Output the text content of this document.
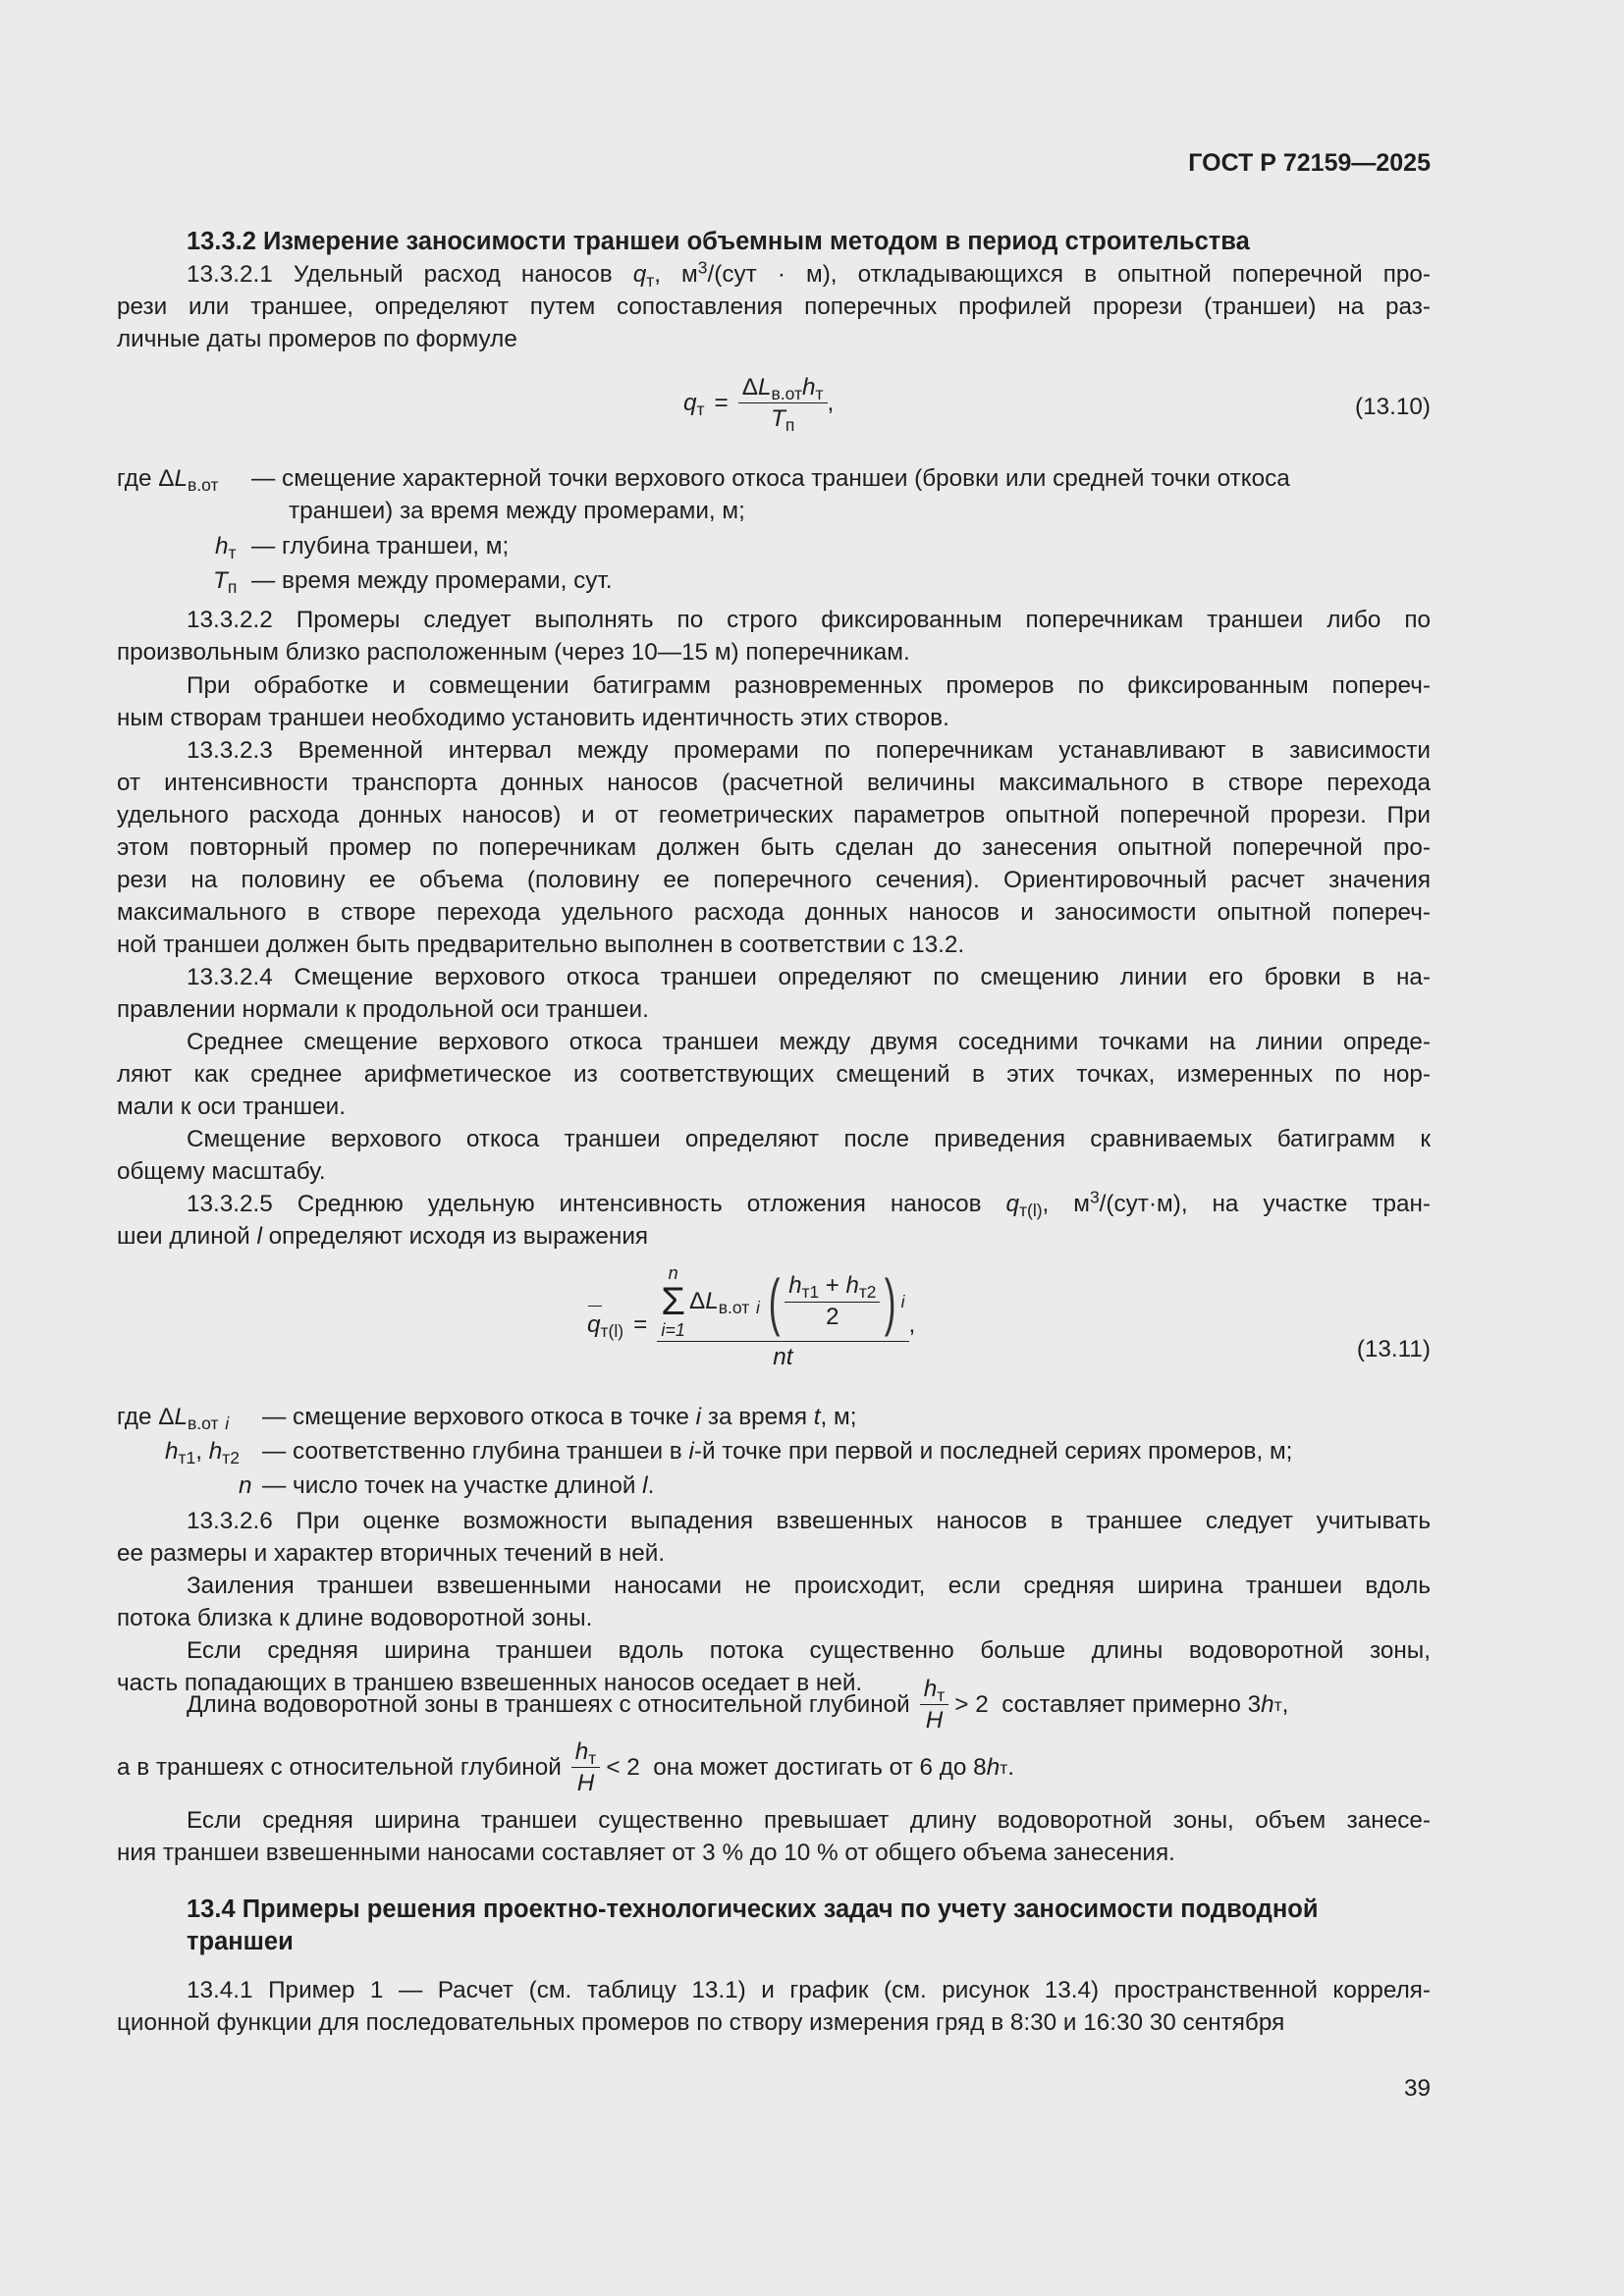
ГОСТ Р 72159—2025
13.3.2 Измерение заносимости траншеи объемным методом в период строительства
13.3.2.1 Удельный расход наносов $q_т$, $м^3/(сут \cdot м)$, откладывающихся в опытной поперечной про-
рези или траншее, определяют путем сопоставления поперечных профилей прорези (траншеи) на раз-
личные даты промеров по формуле
$q_т = \frac{\Delta L_{в.от}h_т}{T_п}$ ,	(13.10)
где $\Delta L_{в.от}$ — смещение характерной точки верхового откоса траншеи (бровки или средней точки откоса
траншеи) за время между промерами, м;
$h_т$ — глубина траншеи, м;
$T_п$ — время между промерами, сут.
13.3.2.2 Промеры следует выполнять по строго фиксированным поперечникам траншеи либо по
произвольным близко расположенным (через 10—15 м) поперечникам.
При обработке и совмещении батиграмм разновременных промеров по фиксированным попереч-
ным створам траншеи необходимо установить идентичность этих створов.
13.3.2.3 Временной интервал между промерами по поперечникам устанавливают в зависимости
от интенсивности транспорта донных наносов (расчетной величины максимального в створе перехода
удельного расхода донных наносов) и от геометрических параметров опытной поперечной прорези. При
этом повторный промер по поперечникам должен быть сделан до занесения опытной поперечной про-
рези на половину ее объема (половину ее поперечного сечения). Ориентировочный расчет значения
максимального в створе перехода удельного расхода донных наносов и заносимости опытной попереч-
ной траншеи должен быть предварительно выполнен в соответствии с 13.2.
13.3.2.4 Смещение верхового откоса траншеи определяют по смещению линии его бровки в на-
правлении нормали к продольной оси траншеи.
Среднее смещение верхового откоса траншеи между двумя соседними точками на линии опреде-
ляют как среднее арифметическое из соответствующих смещений в этих точках, измеренных по нор-
мали к оси траншеи.
Смещение верхового откоса траншеи определяют после приведения сравниваемых батиграмм к
общему масштабу.
13.3.2.5 Среднюю удельную интенсивность отложения наносов $q_{т(l)}$, $м^3/(сут\cdot м)$, на участке тран-
шеи длиной l определяют исходя из выражения
$q_{т(l)}$ =
n
Σ
i=1
$\Delta L_{в.от}$ $_i$ ( $\frac{h_{т1} + h_{т2}}{2}$ ) i
nt
,
(13.11)
где $\Delta L_{в.от}$ $_i$ — смещение верхового откоса в точке i за время t, м;
$h_{т1}$, $h_{т2}$ — соответственно глубина траншеи в i-й точке при первой и последней сериях промеров, м;
n — число точек на участке длиной l.
13.3.2.6 При оценке возможности выпадения взвешенных наносов в траншее следует учитывать
ее размеры и характер вторичных течений в ней.
Заиления траншеи взвешенными наносами не происходит, если средняя ширина траншеи вдоль
потока близка к длине водоворотной зоны.
Если средняя ширина траншеи вдоль потока существенно больше длины водоворотной зоны,
часть попадающих в траншею взвешенных наносов оседает в ней.
Длина водоворотной зоны в траншеях с относительной глубиной $\frac{h_т}{H} > 2$  составляет примерно 3 h т ,
а в траншеях с относительной глубиной $\frac{h_т}{H} < 2$  она может достигать от 6 до 8 h т .
Если средняя ширина траншеи существенно превышает длину водоворотной зоны, объем занесе-
ния траншеи взвешенными наносами составляет от 3 % до 10 % от общего объема занесения.
13.4 Примеры решения проектно-технологических задач по учету заносимости подводной
траншеи
13.4.1 Пример 1 — Расчет (см. таблицу 13.1) и график (см. рисунок 13.4) пространственной корреля-
ционной функции для последовательных промеров по створу измерения гряд в 8:30 и 16:30 30 сентября
39
